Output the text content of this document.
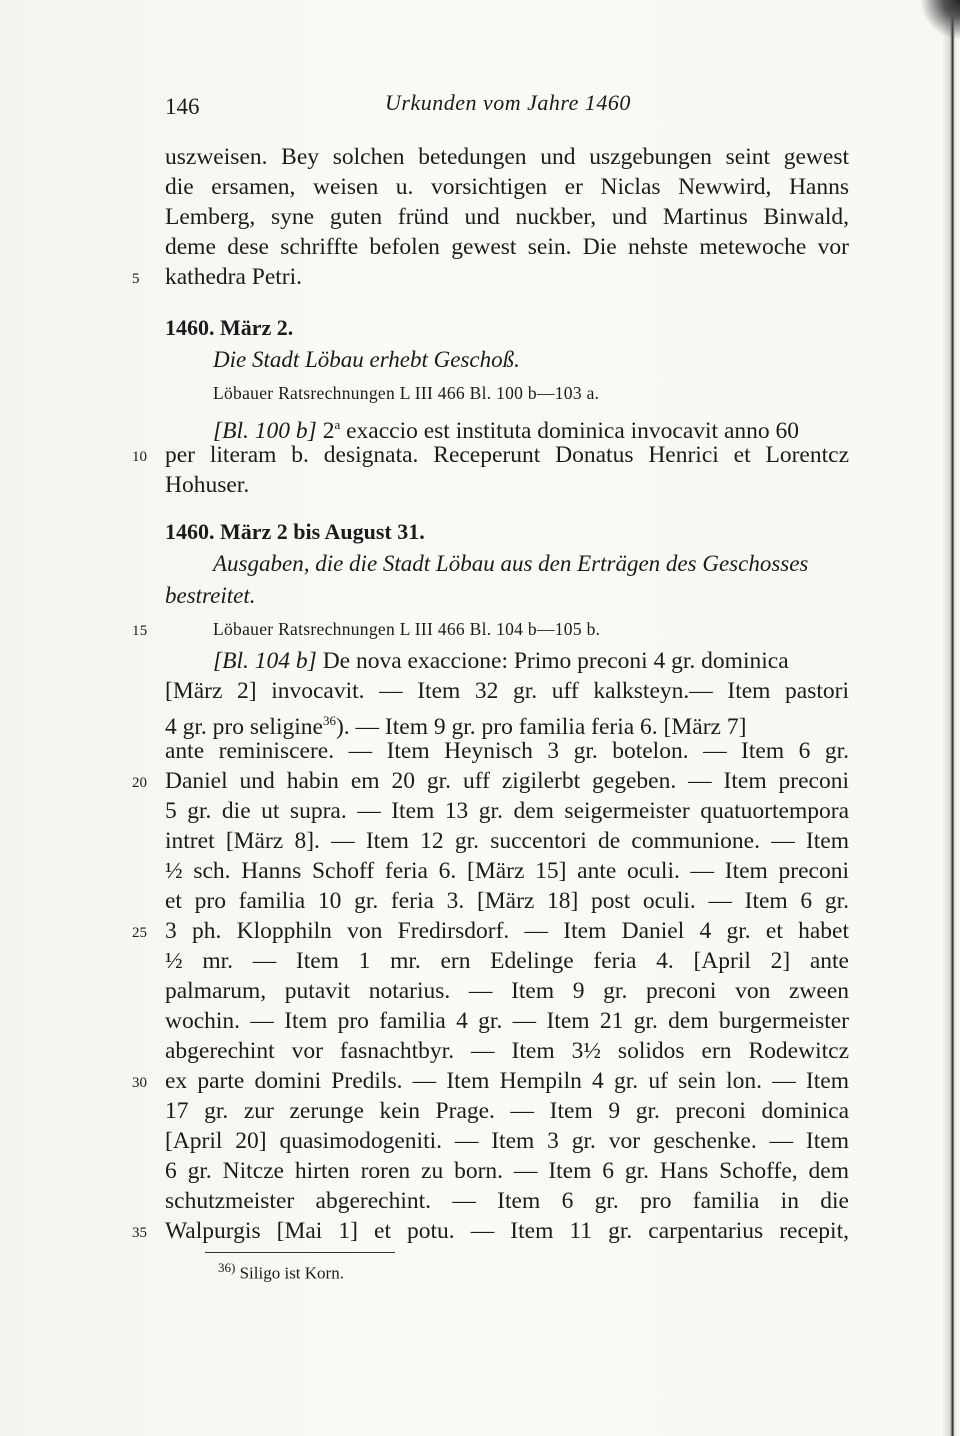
146	Urkunden vom Jahre 1460
uszweisen. Bey solchen betedungen und uszgebungen seint gewest
die ersamen, weisen u. vorsichtigen er Niclas Newwird, Hanns
Lemberg, syne guten fründ und nuckber, und Martinus Binwald,
deme dese schriffte befolen gewest sein. Die nehste metewoche vor
5	kathedra Petri.
1460. März 2.
Die Stadt Löbau erhebt Geschoß.
Löbauer Ratsrechnungen L III 466 Bl. 100 b—103 a.
[Bl. 100 b] 2$^a$ exaccio est instituta dominica invocavit anno 60
10 per literam b. designata. Receperunt Donatus Henrici et Lorentcz
Hohuser.
1460. März 2 bis August 31.
Ausgaben, die die Stadt Löbau aus den Erträgen des Geschosses
bestreitet.
15	Löbauer Ratsrechnungen L III 466 Bl. 104 b—105 b.
[Bl. 104 b] De nova exaccione: Primo preconi 4 gr. dominica
[März 2] invocavit. — Item 32 gr. uff kalksteyn.— Item pastori
4 gr. pro seligine$^{36}$). — Item 9 gr. pro familia feria 6. [März 7]
ante reminiscere. — Item Heynisch 3 gr. botelon. — Item 6 gr.
20 Daniel und habin em 20 gr. uff zigilerbt gegeben. — Item preconi
5 gr. die ut supra. — Item 13 gr. dem seigermeister quatuortempora
intret [März 8]. — Item 12 gr. succentori de communione. — Item
½ sch. Hanns Schoff feria 6. [März 15] ante oculi. — Item preconi
et pro familia 10 gr. feria 3. [März 18] post oculi. — Item 6 gr.
25 3 ph. Klopphiln von Fredirsdorf. — Item Daniel 4 gr. et habet
½ mr. — Item 1 mr. ern Edelinge feria 4. [April 2] ante
palmarum, putavit notarius. — Item 9 gr. preconi von zween
wochin. — Item pro familia 4 gr. — Item 21 gr. dem burgermeister
abgerechint vor fasnachtbyr. — Item 3½ solidos ern Rodewitcz
30 ex parte domini Predils. — Item Hempiln 4 gr. uf sein lon. — Item
17 gr. zur zerunge kein Prage. — Item 9 gr. preconi dominica
[April 20] quasimodogeniti. — Item 3 gr. vor geschenke. — Item
6 gr. Nitcze hirten roren zu born. — Item 6 gr. Hans Schoffe, dem
schutzmeister abgerechint. — Item 6 gr. pro familia in die
35 Walpurgis [Mai 1] et potu. — Item 11 gr. carpentarius recepit,
$^{36)}$ Siligo ist Korn.
